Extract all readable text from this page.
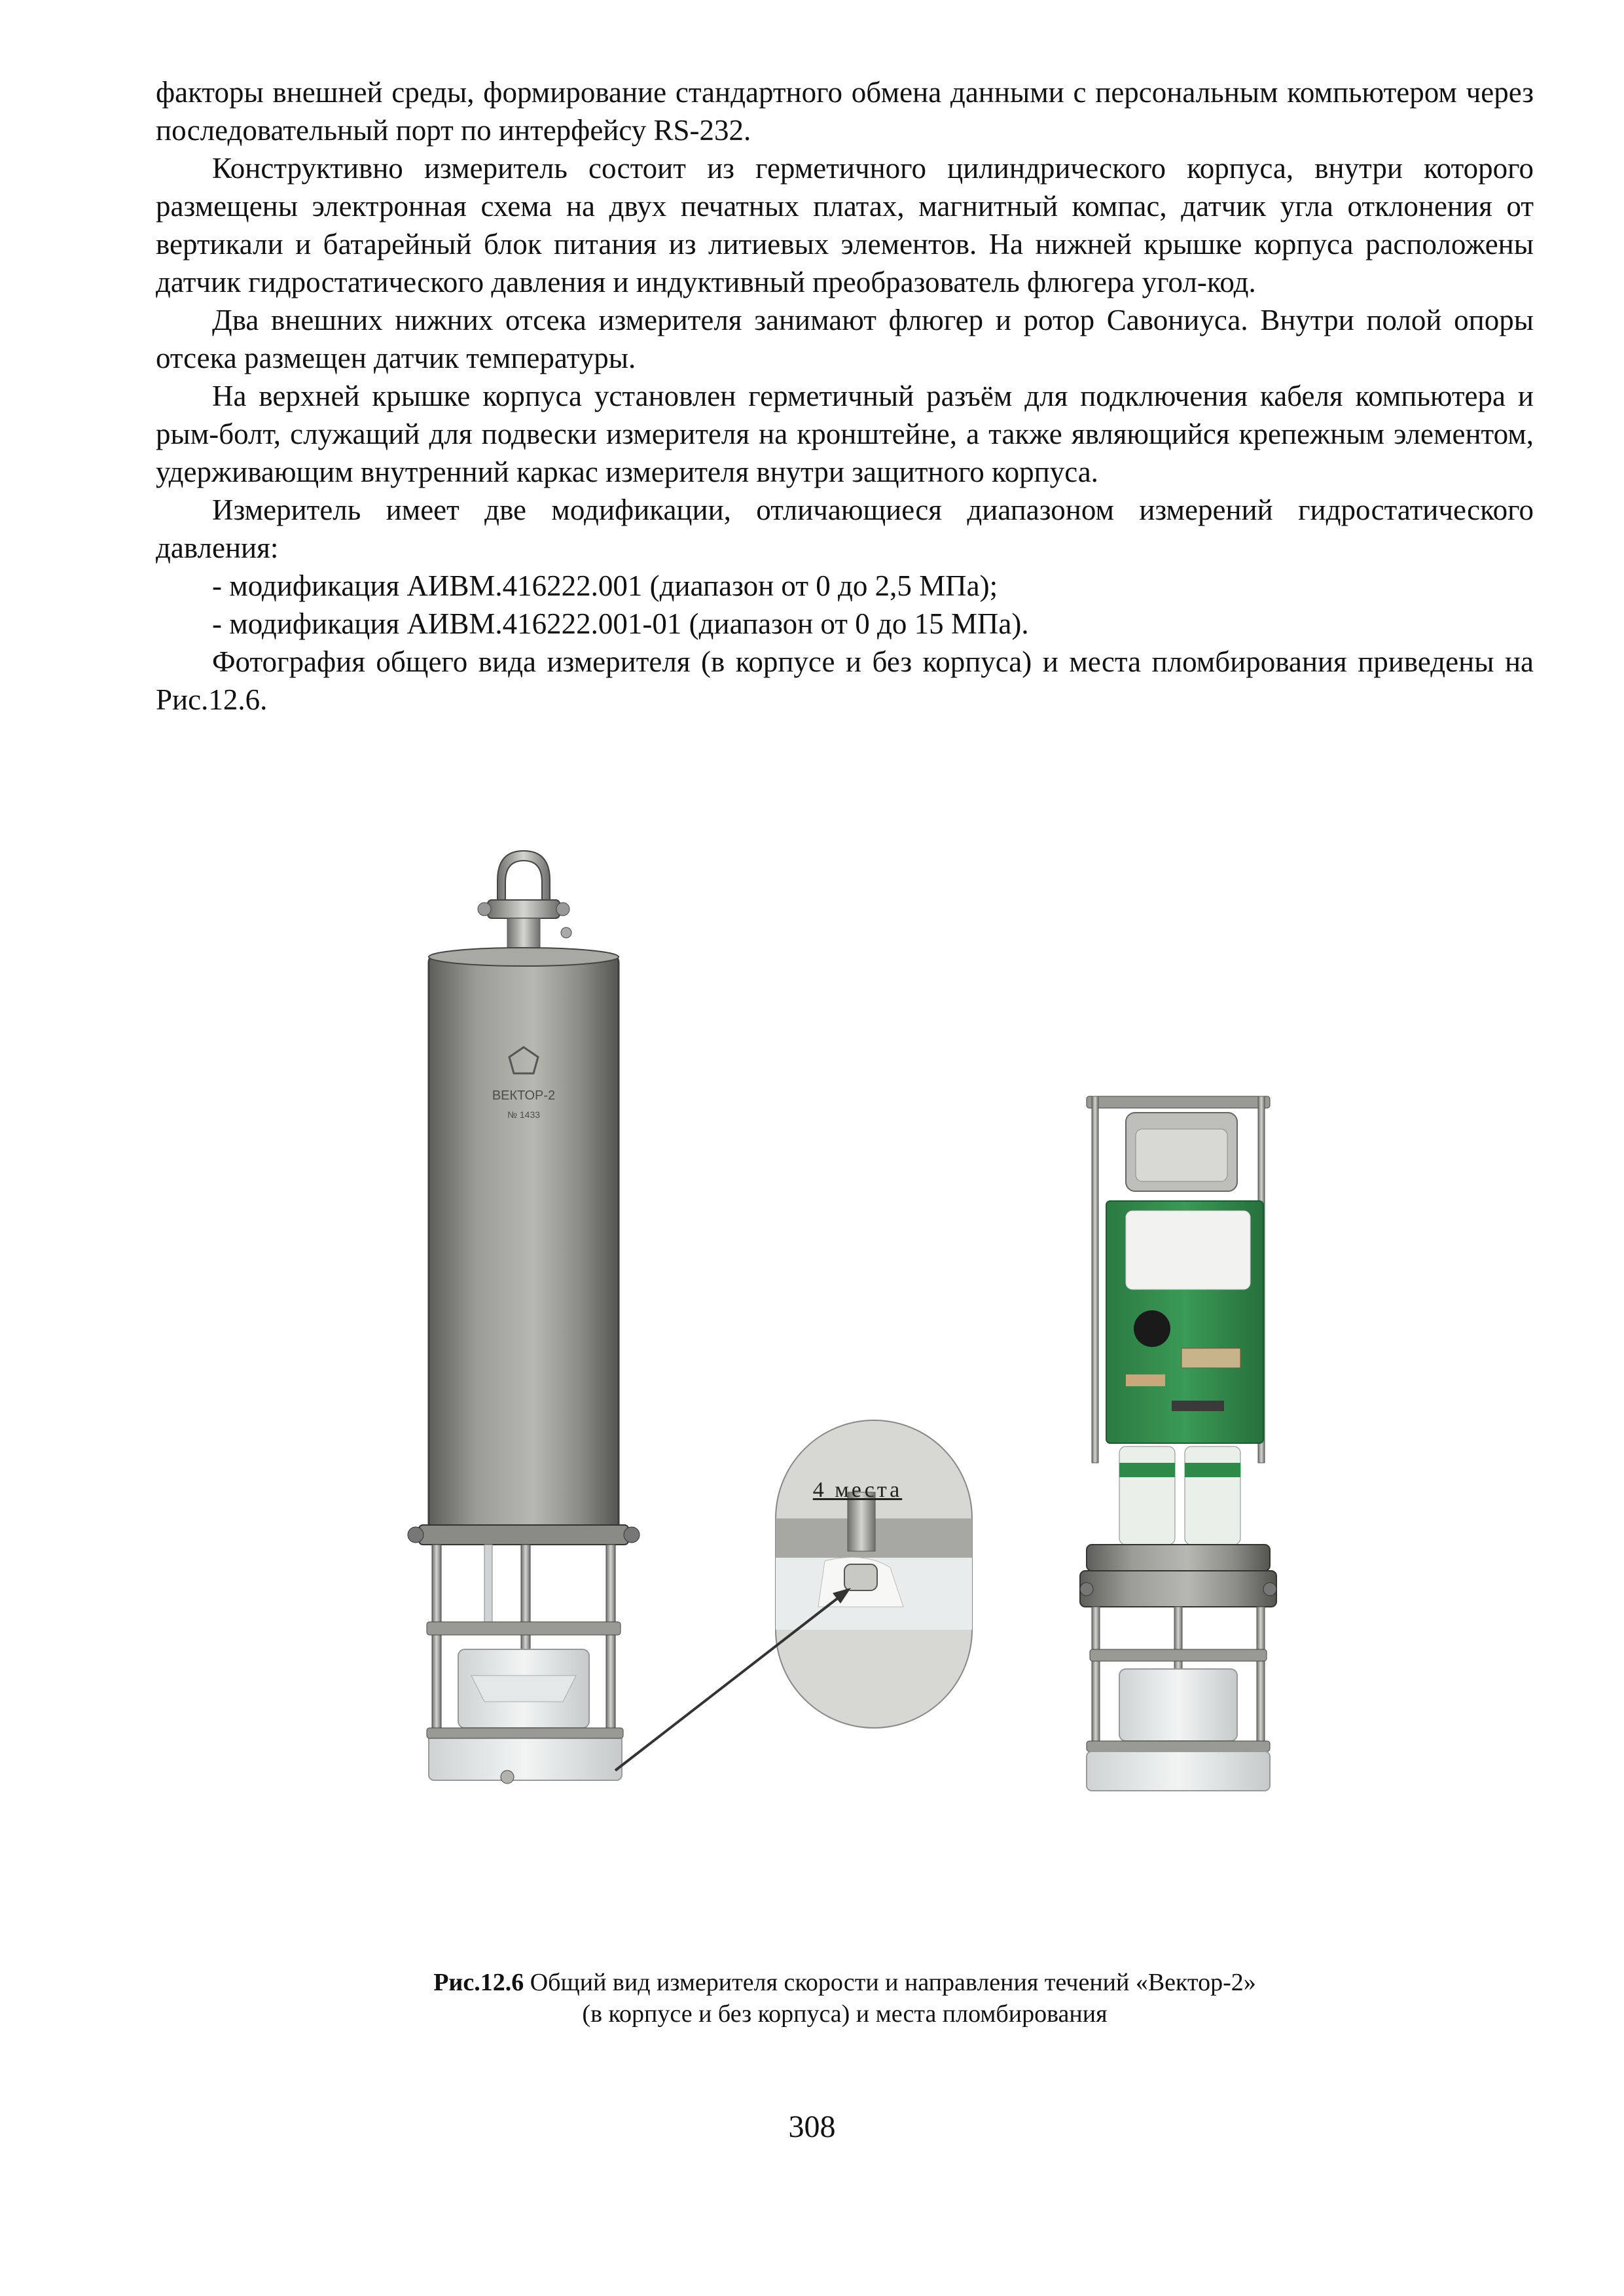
факторы внешней среды, формирование стандартного обмена данными с персональным компьютером через последовательный порт по интерфейсу RS-232.

Конструктивно измеритель состоит из герметичного цилиндрического корпуса, внутри которого размещены электронная схема на двух печатных платах, магнитный компас, датчик угла отклонения от вертикали и батарейный блок питания из литиевых элементов. На нижней крышке корпуса расположены датчик гидростатического давления и индуктивный преобразователь флюгера угол-код.

Два внешних нижних отсека измерителя занимают флюгер и ротор Савониуса. Внутри полой опоры отсека размещен датчик температуры.

На верхней крышке корпуса установлен герметичный разъём для подключения кабеля компьютера и рым-болт, служащий для подвески измерителя на кронштейне, а также являющийся крепежным элементом, удерживающим внутренний каркас измерителя внутри защитного корпуса.

Измеритель имеет две модификации, отличающиеся диапазоном измерений гидростатического давления:

- модификация АИВМ.416222.001 (диапазон от 0 до 2,5 МПа);

- модификация АИВМ.416222.001-01 (диапазон от 0 до 15 МПа).

Фотография общего вида измерителя (в корпусе и без корпуса) и места пломбирования приведены на Рис.12.6.

ВЕКТОР-2
№ 1433
4 места
Рис.12.6 Общий вид измерителя скорости и направления течений «Вектор-2»
(в корпусе и без корпуса) и места пломбирования
308
